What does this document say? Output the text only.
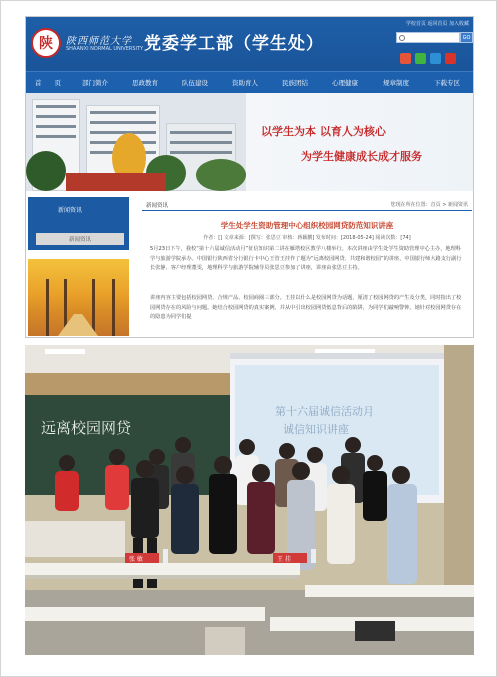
陕 陕西师范大学
SHAANXI NORMAL UNIVERSITY 党委学工部（学生处）
学校首页 返回首页 加入收藏
GO
首　　页	部门简介	思政教育	队伍建设	资助育人	民族团结	心理健康	规章制度	下载专区
以学生为本 以育人为核心
为学生健康成长成才服务
新闻资讯
新闻资讯
新闻资讯	您现在所在位置：首页 > 新闻资讯
学生处学生资助管理中心组织校园网贷防范知识讲座
作者：[] 文章来源：[撰写：张思豆 审核：蒋颖鹏] 发布时间：[2018-05-24] 阅读次数：[74]
5月23日下午，我校“第十六届诚信活动月”征信知识第二讲在雁塔校区教学八楼举行。本次讲座由学生处学生资助管理中心主办，地理科学与旅游学院承办。中国银行陕西省分行银行卡中心王管王挂作了题为“远离校园网贷、共建和谐校园”的讲座，中国银行师大路支行副行长张静、客户经理董雯，地理科学与旅游学院辅导员张思豆参加了讲座，讲座由张思豆主持。
讲座内容主要包括校园网贷、合规产品、校园商圈三部分。王挂以什么是校园网贷为话题，厘清了校园网贷的产生及分类，同时指出了校园网贷存在的风险与问题。她结合校园网贷的真实案例，并从中引出校园网贷低息背后的陷阱，为同学们敲响警钟。她针对校园网贷存在的隐患为同学们提
远离校园网贷
第十六届诚信活动月
诚信知识讲座
张 敏	王 挂
